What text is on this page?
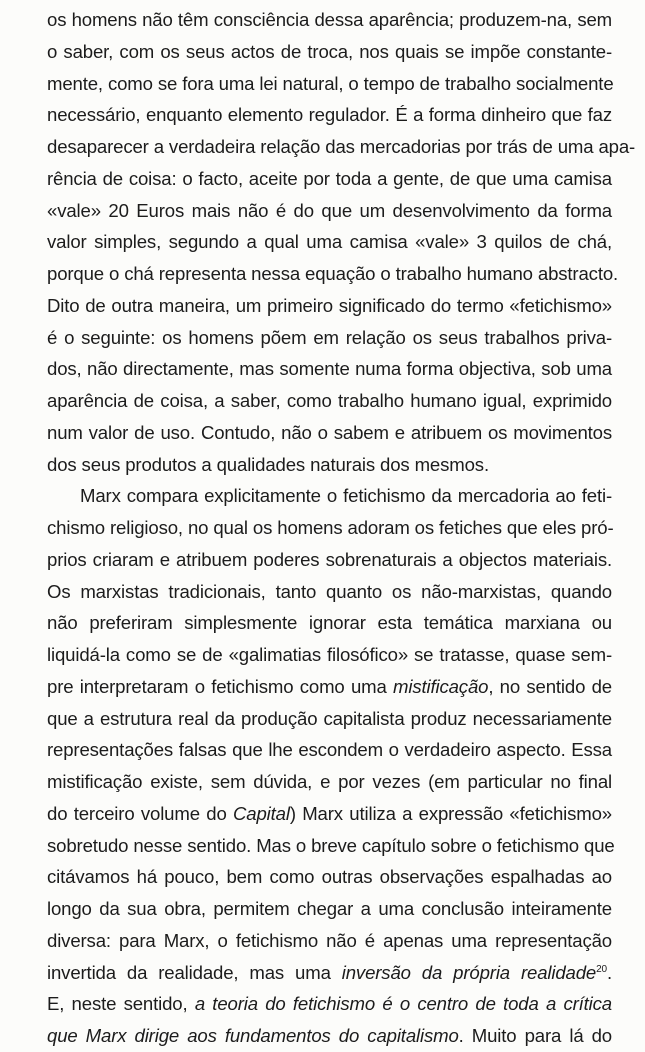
os homens não têm consciência dessa aparência; produzem-na, sem
o saber, com os seus actos de troca, nos quais se impõe constante-
mente, como se fora uma lei natural, o tempo de trabalho socialmente
necessário, enquanto elemento regulador. É a forma dinheiro que faz
desaparecer a verdadeira relação das mercadorias por trás de uma apa-
rência de coisa: o facto, aceite por toda a gente, de que uma camisa
«vale» 20 Euros mais não é do que um desenvolvimento da forma
valor simples, segundo a qual uma camisa «vale» 3 quilos de chá,
porque o chá representa nessa equação o trabalho humano abstracto.
Dito de outra maneira, um primeiro significado do termo «fetichismo»
é o seguinte: os homens põem em relação os seus trabalhos priva-
dos, não directamente, mas somente numa forma objectiva, sob uma
aparência de coisa, a saber, como trabalho humano igual, exprimido
num valor de uso. Contudo, não o sabem e atribuem os movimentos
dos seus produtos a qualidades naturais dos mesmos.
Marx compara explicitamente o fetichismo da mercadoria ao feti-
chismo religioso, no qual os homens adoram os fetiches que eles pró-
prios criaram e atribuem poderes sobrenaturais a objectos materiais.
Os marxistas tradicionais, tanto quanto os não-marxistas, quando
não preferiram simplesmente ignorar esta temática marxiana ou
liquidá-la como se de «galimatias filosófico» se tratasse, quase sem-
pre interpretaram o fetichismo como uma mistificação, no sentido de
que a estrutura real da produção capitalista produz necessariamente
representações falsas que lhe escondem o verdadeiro aspecto. Essa
mistificação existe, sem dúvida, e por vezes (em particular no final
do terceiro volume do Capital) Marx utiliza a expressão «fetichismo»
sobretudo nesse sentido. Mas o breve capítulo sobre o fetichismo que
citávamos há pouco, bem como outras observações espalhadas ao
longo da sua obra, permitem chegar a uma conclusão inteiramente
diversa: para Marx, o fetichismo não é apenas uma representação
invertida da realidade, mas uma inversão da própria realidade$^{20}$.
E, neste sentido, a teoria do fetichismo é o centro de toda a crítica
que Marx dirige aos fundamentos do capitalismo. Muito para lá do
